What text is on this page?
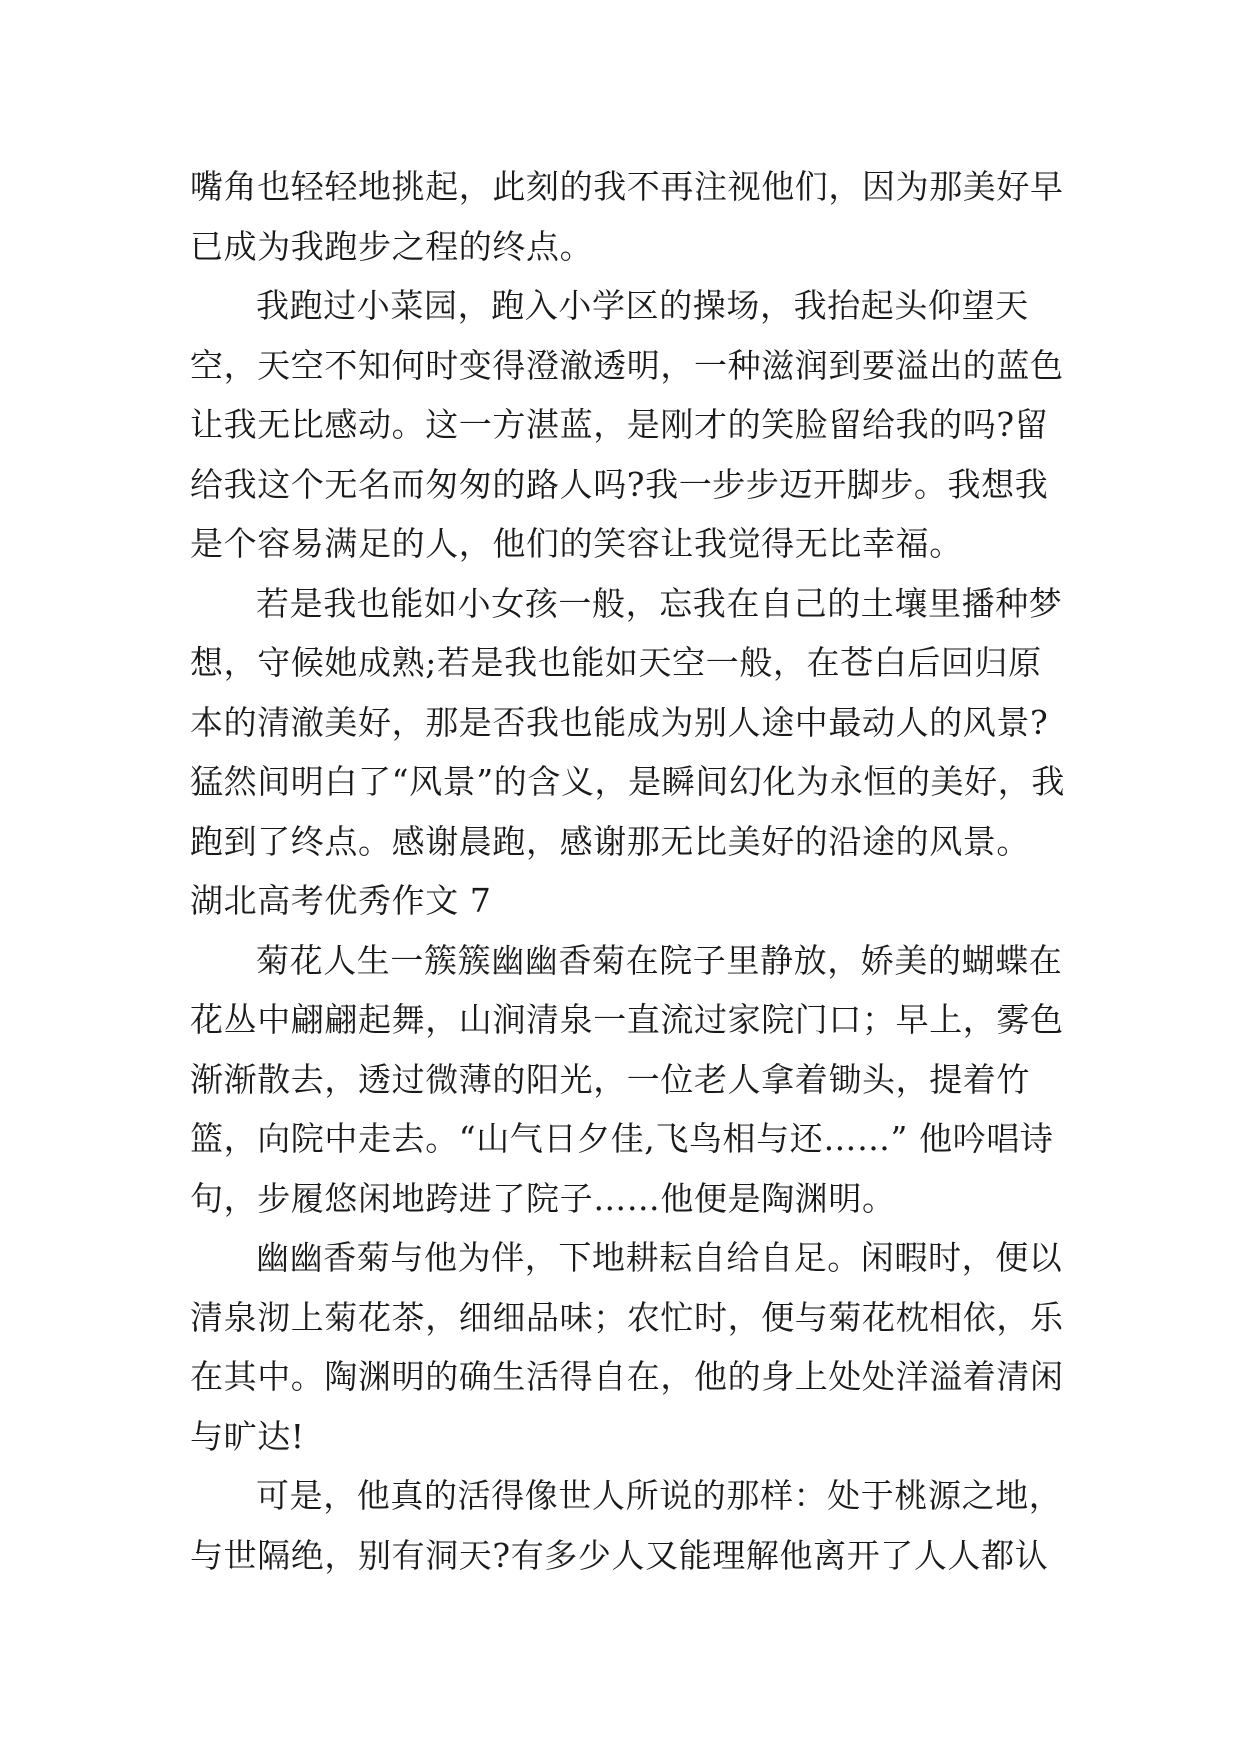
嘴角也轻轻地挑起，此刻的我不再注视他们，因为那美好早已成为我跑步之程的终点。

我跑过小菜园，跑入小学区的操场，我抬起头仰望天空，天空不知何时变得澄澈透明，一种滋润到要溢出的蓝色让我无比感动。这一方湛蓝，是刚才的笑脸留给我的吗?留给我这个无名而匆匆的路人吗?我一步步迈开脚步。我想我是个容易满足的人，他们的笑容让我觉得无比幸福。

若是我也能如小女孩一般，忘我在自己的土壤里播种梦想，守候她成熟;若是我也能如天空一般，在苍白后回归原本的清澈美好，那是否我也能成为别人途中最动人的风景?猛然间明白了“风景”的含义，是瞬间幻化为永恒的美好，我跑到了终点。感谢晨跑，感谢那无比美好的沿途的风景。

湖北高考优秀作文 7

菊花人生一簇簇幽幽香菊在院子里静放，娇美的蝴蝶在花丛中翩翩起舞，山涧清泉一直流过家院门口；早上，雾色渐渐散去，透过微薄的阳光，一位老人拿着锄头，提着竹篮，向院中走去。“山气日夕佳,飞鸟相与还……” 他吟唱诗句，步履悠闲地跨进了院子……他便是陶渊明。

幽幽香菊与他为伴，下地耕耘自给自足。闲暇时，便以清泉沏上菊花茶，细细品味；农忙时，便与菊花枕相依，乐在其中。陶渊明的确生活得自在，他的身上处处洋溢着清闲与旷达!

可是，他真的活得像世人所说的那样：处于桃源之地，与世隔绝，别有洞天?有多少人又能理解他离开了人人都认
